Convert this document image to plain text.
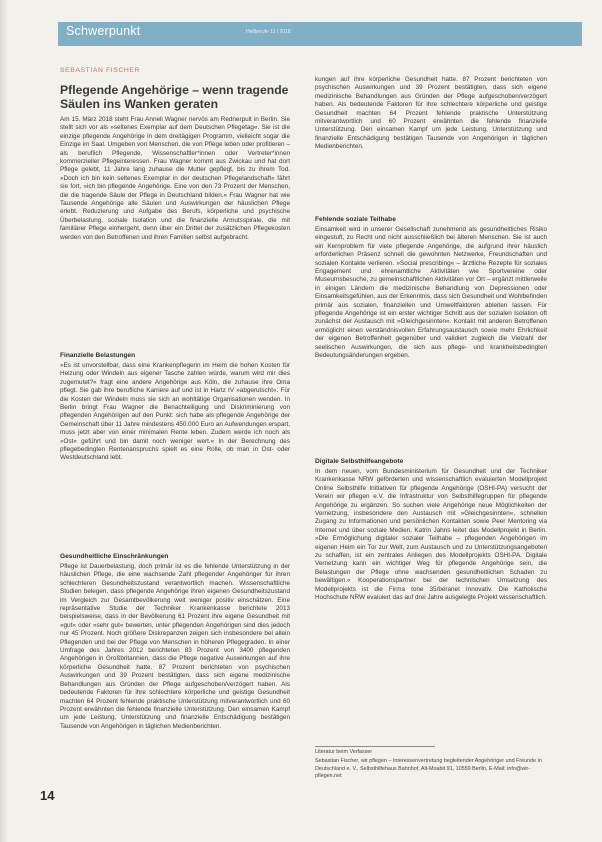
Schwerpunkt	Heilberufe 11 | 2018
SEBASTIAN FISCHER
Pflegende Angehörige – wenn tragende Säulen ins Wanken geraten

Am 15. März 2018 steht Frau Anneli Wagner nervös am Rednerpult in Berlin. Sie stellt sich vor als »seltenes Exemplar auf dem Deutschen Pflegetag«. Sie ist die einzige pflegende Angehörige in dem dreitägigen Programm, vielleicht sogar die Einzige im Saal. Umgeben von Menschen, die von Pflege leben oder profitieren – als beruflich Pflegende, Wissenschaftler*innen oder Vertreter*innen kommerzieller Pflegeinteressen. Frau Wagner kommt aus Zwickau und hat dort Pflege gelebt, 11 Jahre lang zuhause die Mutter gepflegt, bis zu ihrem Tod. »Doch ich bin kein seltenes Exemplar in der deutschen Pflegelandschaft« fährt sie fort, »ich bin pflegende Angehörige. Eine von den 73 Prozent der Menschen, die die tragende Säule der Pflege in Deutschland bilden.« Frau Wagner hat wie Tausende Angehörige alle Säulen und Auswirkungen der häuslichen Pflege erlebt. Reduzierung und Aufgabe des Berufs, körperliche und psychische Überbelastung, soziale Isolation und die finanzielle Armutsspirale, die mit familiärer Pflege einhergeht, denn über ein Drittel der zusätzlichen Pflegekosten werden von den Betroffenen und ihren Familien selbst aufgebracht.

Finanzielle Belastungen

»Es ist unvorstellbar, dass eine Krankenpflegerin im Heim die hohen Kosten für Heizung oder Windeln aus eigener Tasche zahlen würde, warum wird mir dies zugemutet?« fragt eine andere Angehörige aus Köln, die zuhause ihre Oma pflegt. Sie gab ihre berufliche Karriere auf und ist in Hartz IV »abgerutscht«. Für die Kosten der Windeln muss sie sich an wohltätige Organisationen wenden. In Berlin bringt Frau Wagner die Benachteiligung und Diskriminierung von pflegenden Angehörigen auf den Punkt: sich habe als pflegende Angehörige der Gemeinschaft über 11 Jahre mindestens 450.000 Euro an Aufwendungen erspart, muss jetzt aber von einer minimalen Rente leben. Zudem werde ich noch als »Ost« geführt und bin damit noch weniger wert.« In der Berechnung des pflegebedingten Rentenanspruchs spielt es eine Rolle, ob man in Ost- oder Westdeutschland lebt.

Gesundheitliche Einschränkungen

Pflege ist Dauerbelastung, doch primär ist es die fehlende Unterstützung in der häuslichen Pflege, die eine wachsende Zahl pflegender Angehöriger für ihren schlechteren Gesundheitszustand verantwortlich machen. Wissenschaftliche Studien belegen, dass pflegende Angehörige ihren eigenen Gesundheitszustand im Vergleich zur Gesamtbevölkerung weit weniger positiv einschätzen. Eine repräsentative Studie der Techniker Krankenkasse berichtete 2013 beispielsweise, dass in der Bevölkerung 61 Prozent ihre eigene Gesundheit mit »gut« oder »sehr gut« bewerten, unter pflegenden Angehörigen sind dies jedoch nur 45 Prozent. Noch größere Diskrepanzen zeigen sich insbesondere bei allein Pflegenden und bei der Pflege von Menschen in höheren Pflegegraden. In einer Umfrage des Jahres 2012 berichteten 83 Prozent von 3400 pflegenden Angehörigen in Großbritannien, dass die Pflege negative Auswirkungen auf ihre körperliche Gesundheit hatte. 87 Prozent berichteten von psychischen Auswirkungen und 39 Prozent bestätigten, dass sich eigene medizinische Behandlungen aus Gründen der Pflege aufgeschoben/verzögert haben. Als bedeutende Faktoren für ihre schlechtere körperliche und geistige Gesundheit machten 64 Prozent fehlende praktische Unterstützung mitverantwortlich und 60 Prozent erwähnten die fehlende finanzielle Unterstützung. Den einsamen Kampf um jede Leistung, Unterstützung und finanzielle Entschädigung bestätigen Tausende von Angehörigen in täglichen Medienberichten.

kungen auf ihre körperliche Gesundheit hatte. 87 Prozent berichteten von psychischen Auswirkungen und 39 Prozent bestätigten, dass sich eigene medizinische Behandlungen aus Gründen der Pflege aufgeschoben/verzögert haben. Als bedeutende Faktoren für ihre schlechtere körperliche und geistige Gesundheit machten 64 Prozent fehlende praktische Unterstützung mitverantwortlich und 60 Prozent erwähnten die fehlende finanzielle Unterstützung. Den einsamen Kampf um jede Leistung, Unterstützung und finanzielle Entschädigung bestätigen Tausende von Angehörigen in täglichen Medienberichten.

Fehlende soziale Teilhabe

Einsamkeit wird in unserer Gesellschaft zunehmend als gesundheitliches Risiko eingestuft, zu Recht und nicht ausschließlich bei älteren Menschen. Sie ist auch ein Kernproblem für viele pflegende Angehörige, die aufgrund ihrer häuslich erforderlichen Präsenz schnell die gewohnten Netzwerke, Freundschaften und sozialen Kontakte verlieren. »Social prescribing« – ärztliche Rezepte für soziales Engagement und ehrenamtliche Aktivitäten wie Sportvereine oder Museumsbesuche, zu gemeinschaftlichen Aktivitäten vor Ort – ergänzt mittlerweile in einigen Ländern die medizinische Behandlung von Depressionen oder Einsamkeitsgefühlen, aus der Erkenntnis, dass sich Gesundheit und Wohlbefinden primär aus sozialen, finanziellen und Umweltfaktoren ableiten lassen. Für pflegende Angehörige ist ein erster wichtiger Schritt aus der sozialen Isolation oft zunächst der Austausch mit »Gleichgesinnten«. Kontakt mit anderen Betroffenen ermöglicht einen verständnisvollen Erfahrungsaustausch sowie mehr Ehrlichkeit der eigenen Betroffenheit gegenüber und validiert zugleich die Vielzahl der seelischen Auswirkungen, die sich aus pflege- und krankheitsbedingten Bedeutungsänderungen ergeben.

Digitale Selbsthilfeangebote

In dem neuen, vom Bundesministerium für Gesundheit und der Techniker Krankenkasse NRW geförderten und wissenschaftlich evaluierten Modellprojekt Online Selbsthilfe Initiativen für pflegende Angehörige (OSHI-PA) versucht der Verein wir pflegen e.V. die Infrastruktur von Selbsthilfegruppen für pflegende Angehörige zu ergänzen. So suchen viele Angehörige neue Möglichkeiten der Vernetzung, insbesondere den Austausch mit »Gleichgesinnten«, schnellen Zugang zu Informationen und persönlichen Kontakten sowie Peer Mentoring via Internet und über soziale Medien. Katrin Jahns leitet das Modellprojekt in Berlin. »Die Ermöglichung digitaler sozialer Teilhabe – pflegenden Angehörigen im eigenen Heim ein Tor zur Welt, zum Austausch und zu Unterstützungsangeboten zu schaffen, ist ein zentrales Anliegen des Modellprojekts OSHI-PA. Digitale Vernetzung kann ein wichtiger Weg für pflegende Angehörige sein, die Belastungen der Pflege ohne wachsenden gesundheitlichen Schaden zu bewältigen.« Kooperationspartner bei der technischen Umsetzung des Modellprojekts ist die Firma tone 35/beranet Innovativ. Die Katholische Hochschule NRW evaluiert das auf drei Jahre ausgelegte Projekt wissenschaftlich.

Literatur beim Verfasser
Sebastian Fischer, wir pflegen – Interessenvertretung begleitender Angehöriger und Freunde in Deutschland e. V., Selbsthilfehaus Bahnhof, Alt-Moabit 91, 10559 Berlin, E-Mail: info@wir-pflegen.net
14
